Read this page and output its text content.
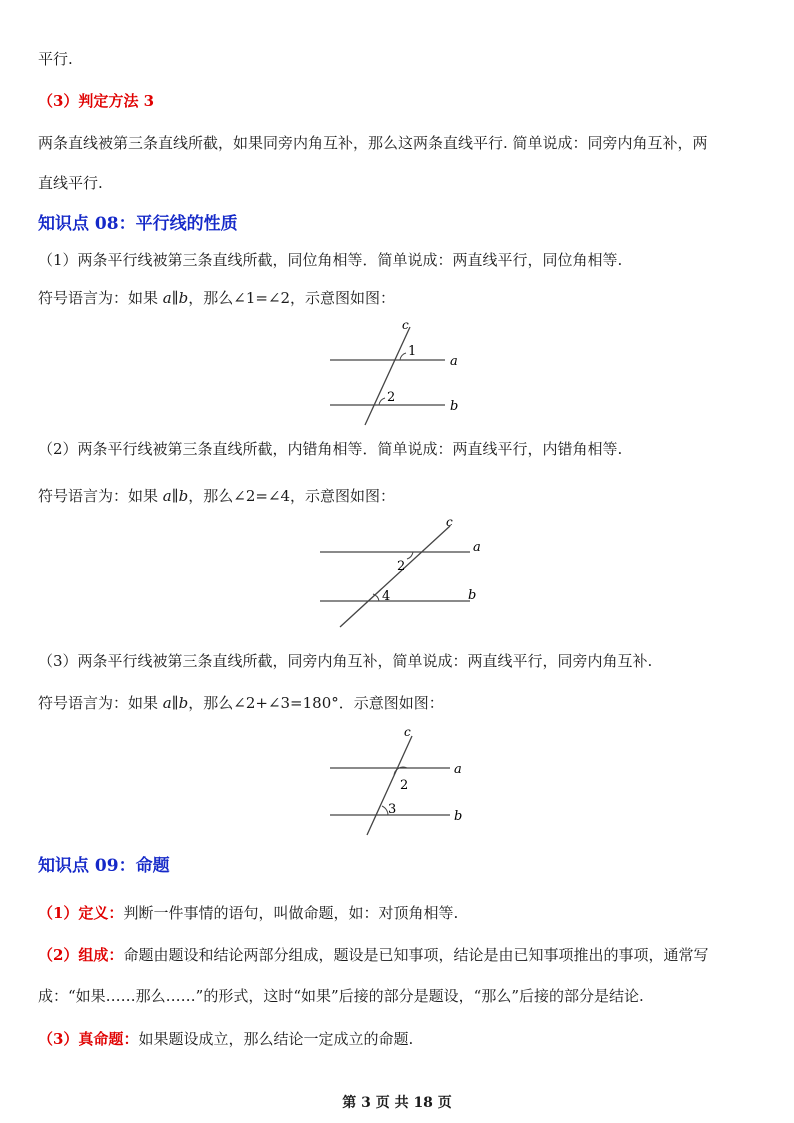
平行.
（3）判定方法 3
两条直线被第三条直线所截，如果同旁内角互补，那么这两条直线平行. 简单说成：同旁内角互补，两
直线平行.
知识点 08：平行线的性质
（1）两条平行线被第三条直线所截，同位角相等．简单说成：两直线平行，同位角相等.
符号语言为：如果 a∥b，那么∠1=∠2，示意图如图：
c
a
b
1
2
（2）两条平行线被第三条直线所截，内错角相等．简单说成：两直线平行，内错角相等.
符号语言为：如果 a∥b，那么∠2=∠4，示意图如图：
c
a
b
2
4
（3）两条平行线被第三条直线所截，同旁内角互补，简单说成：两直线平行，同旁内角互补.
符号语言为：如果 a∥b，那么∠2+∠3=180°．示意图如图：
c
a
b
2
3
知识点 09：命题
（1）定义：判断一件事情的语句，叫做命题，如：对顶角相等.
（2）组成：命题由题设和结论两部分组成，题设是已知事项，结论是由已知事项推出的事项，通常写
成：“如果……那么……”的形式，这时“如果”后接的部分是题设，“那么”后接的部分是结论.
（3）真命题：如果题设成立，那么结论一定成立的命题.
第 3 页 共 18 页
